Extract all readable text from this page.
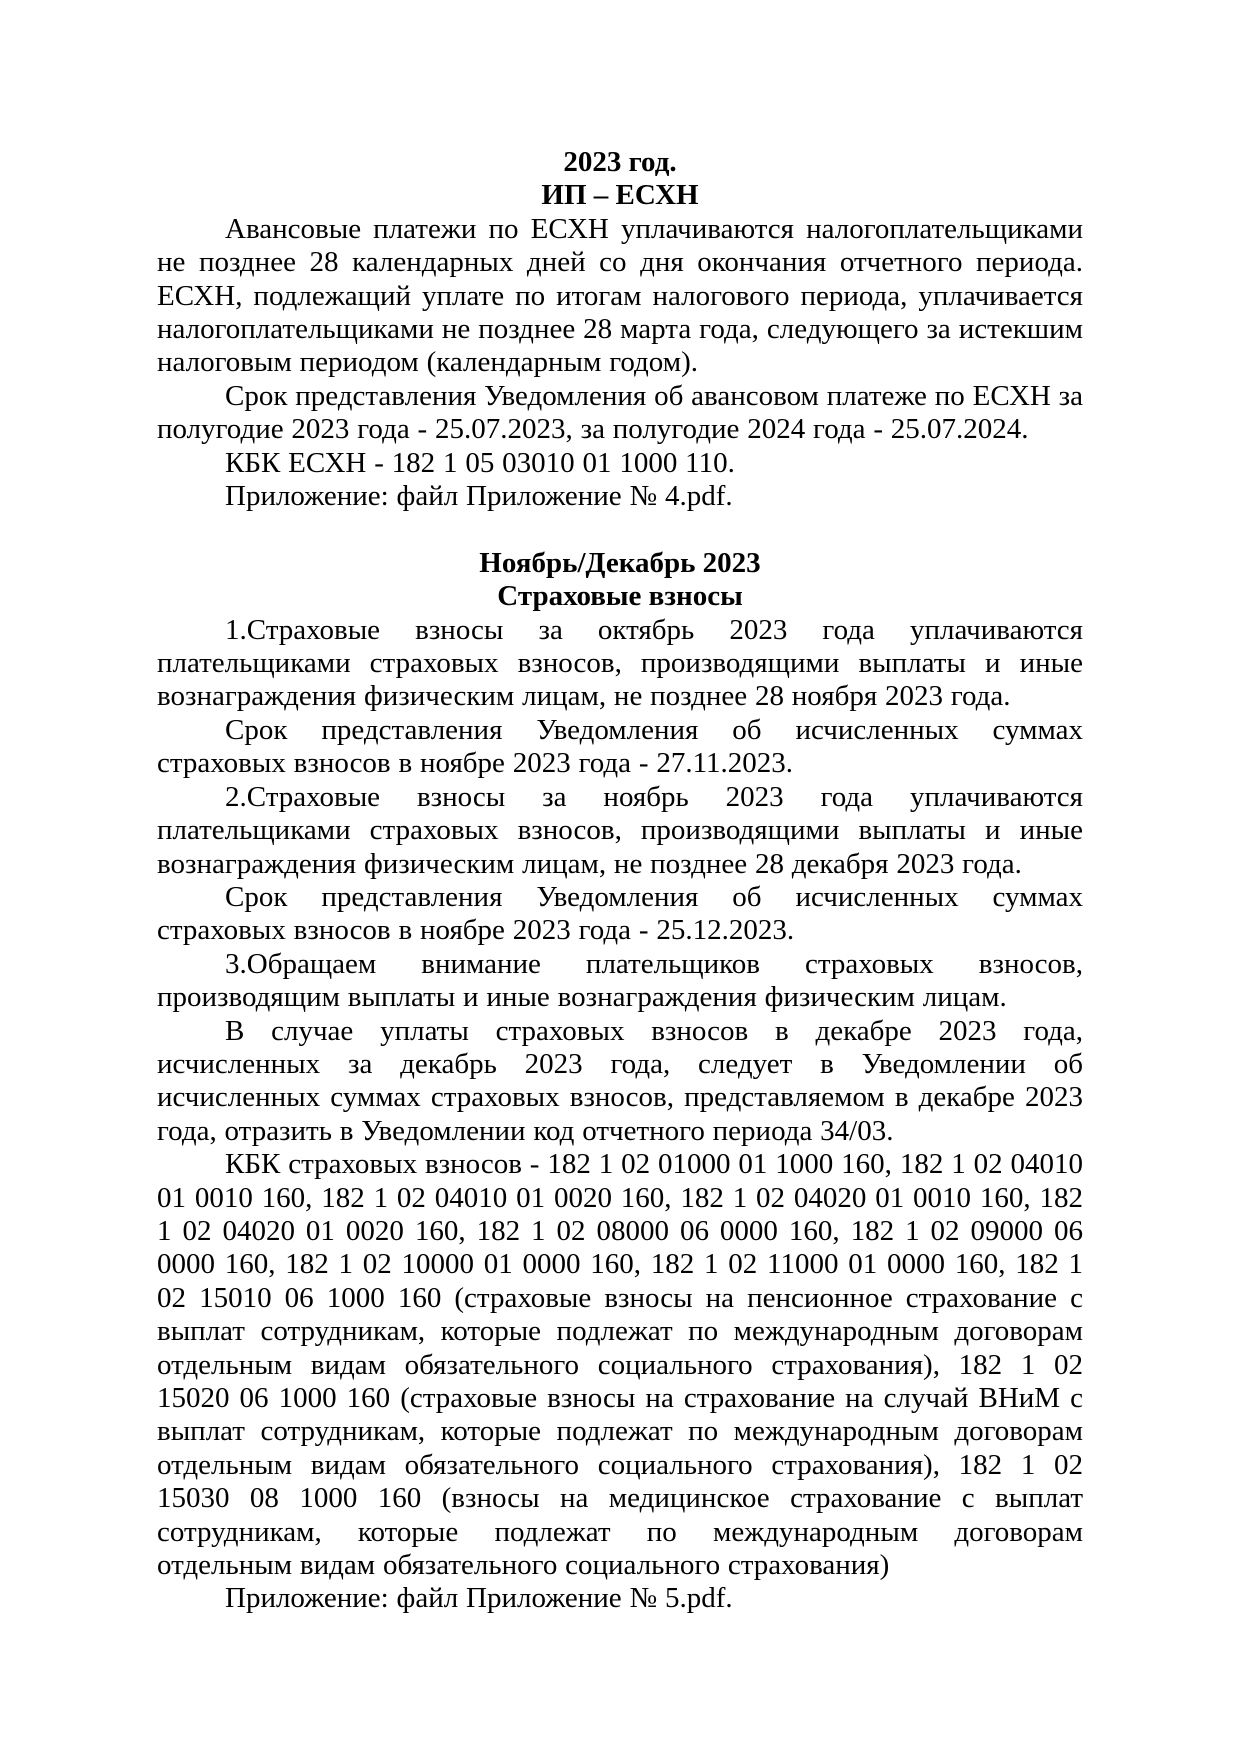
2023 год.
ИП – ЕСХН

Авансовые платежи по ЕСХН уплачиваются налогоплательщиками не позднее 28 календарных дней со дня окончания отчетного периода. ЕСХН, подлежащий уплате по итогам налогового периода, уплачивается налогоплательщиками не позднее 28 марта года, следующего за истекшим налоговым периодом (календарным годом).

Срок представления Уведомления об авансовом платеже по ЕСХН за полугодие 2023 года - 25.07.2023, за полугодие 2024 года - 25.07.2024.

КБК ЕСХН - 182 1 05 03010 01 1000 110.

Приложение: файл Приложение № 4.pdf.

Ноябрь/Декабрь 2023
Страховые взносы

1.Страховые взносы за октябрь 2023 года уплачиваются плательщиками страховых взносов, производящими выплаты и иные вознаграждения физическим лицам, не позднее 28 ноября 2023 года.

Срок представления Уведомления об исчисленных суммах страховых взносов в ноябре 2023 года - 27.11.2023.

2.Страховые взносы за ноябрь 2023 года уплачиваются плательщиками страховых взносов, производящими выплаты и иные вознаграждения физическим лицам, не позднее 28 декабря 2023 года.

Срок представления Уведомления об исчисленных суммах страховых взносов в ноябре 2023 года - 25.12.2023.

3.Обращаем внимание плательщиков страховых взносов, производящим выплаты и иные вознаграждения физическим лицам.

В случае уплаты страховых взносов в декабре 2023 года, исчисленных за декабрь 2023 года, следует в Уведомлении об исчисленных суммах страховых взносов, представляемом в декабре 2023 года, отразить в Уведомлении код отчетного периода 34/03.

КБК страховых взносов - 182 1 02 01000 01 1000 160, 182 1 02 04010 01 0010 160, 182 1 02 04010 01 0020 160, 182 1 02 04020 01 0010 160, 182 1 02 04020 01 0020 160, 182 1 02 08000 06 0000 160, 182 1 02 09000 06 0000 160, 182 1 02 10000 01 0000 160, 182 1 02 11000 01 0000 160, 182 1 02 15010 06 1000 160 (страховые взносы на пенсионное страхование с выплат сотрудникам, которые подлежат по международным договорам отдельным видам обязательного социального страхования), 182 1 02 15020 06 1000 160 (страховые взносы на страхование на случай ВНиМ с выплат сотрудникам, которые подлежат по международным договорам отдельным видам обязательного социального страхования), 182 1 02 15030 08 1000 160 (взносы на медицинское страхование с выплат сотрудникам, которые подлежат по международным договорам отдельным видам обязательного социального страхования)

Приложение: файл Приложение № 5.pdf.
